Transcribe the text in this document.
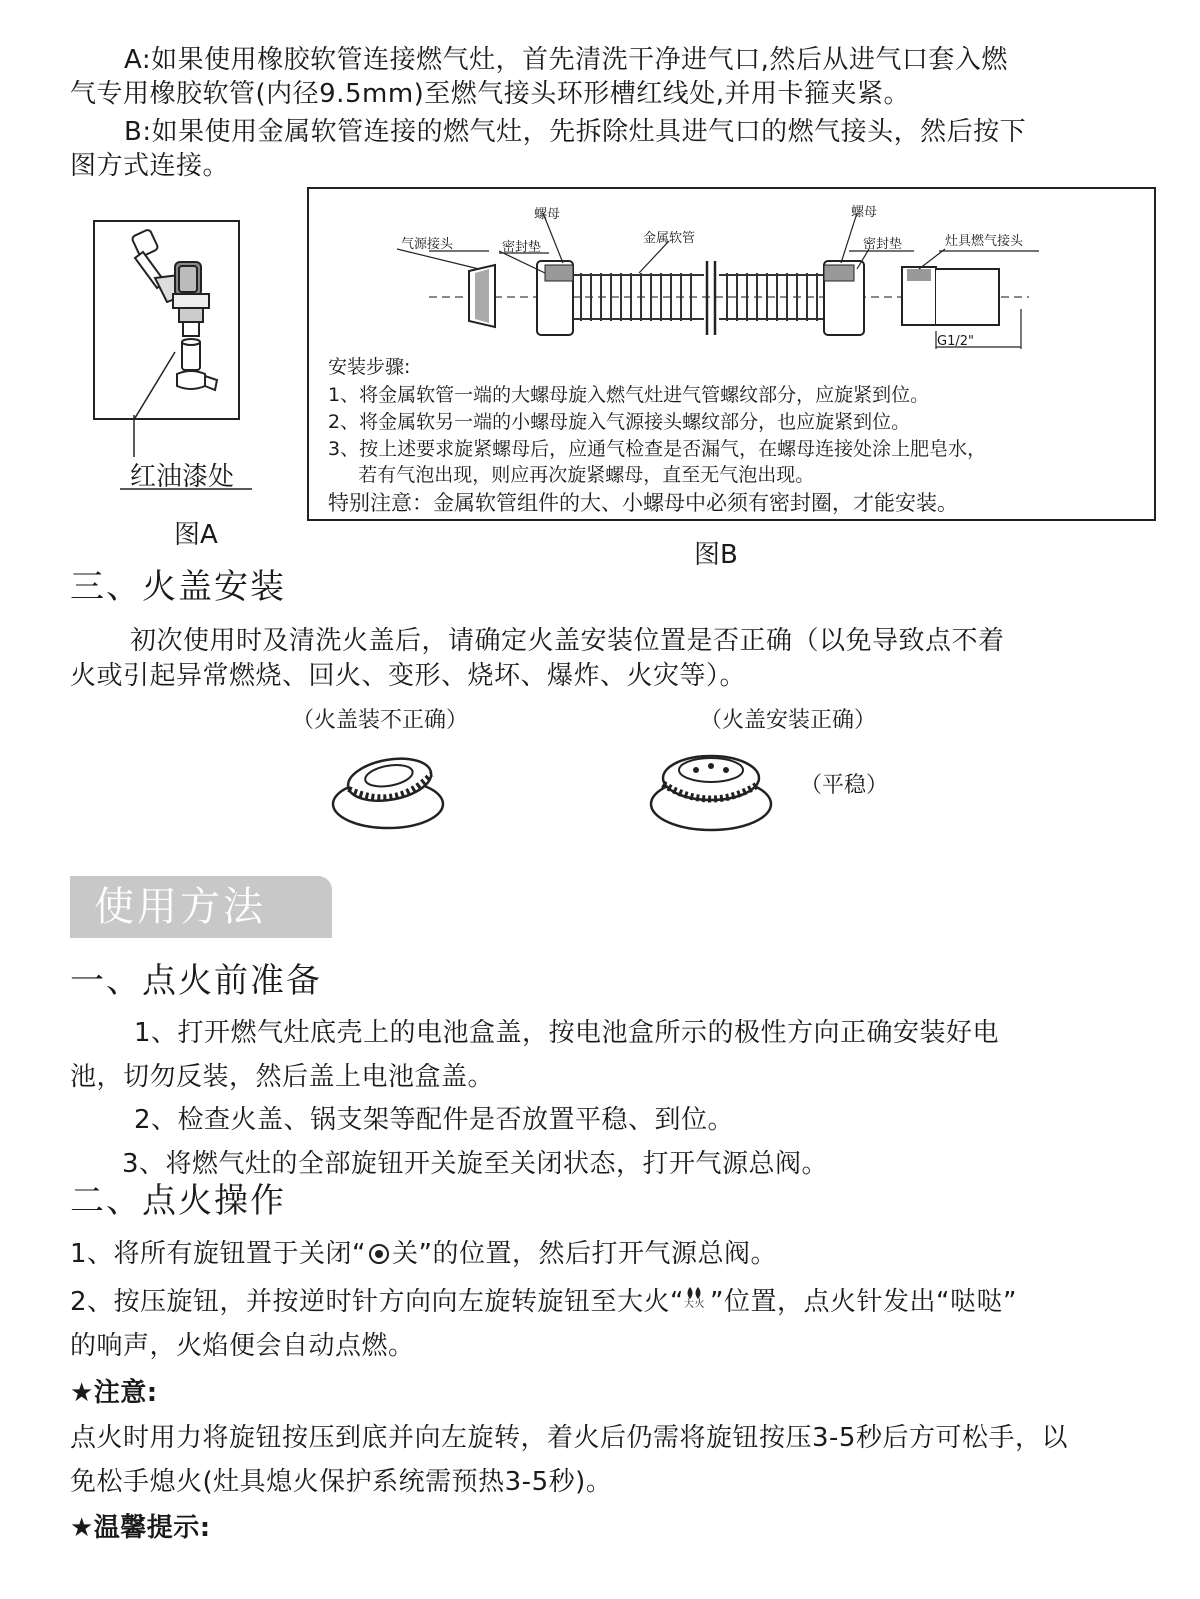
A:如果使用橡胶软管连接燃气灶，首先清洗干净进气口,然后从进气口套入燃
气专用橡胶软管(内径9.5mm)至燃气接头环形槽红线处,并用卡箍夹紧。
B:如果使用金属软管连接的燃气灶，先拆除灶具进气口的燃气接头，然后按下
图方式连接。
红油漆处
图A
螺母	螺母
气源接头	密封垫
金属软管	密封垫	灶具燃气接头
G1/2"
安装步骤:
1、将金属软管一端的大螺母旋入燃气灶进气管螺纹部分，应旋紧到位。
2、将金属软另一端的小螺母旋入气源接头螺纹部分，也应旋紧到位。
3、按上述要求旋紧螺母后，应通气检查是否漏气，在螺母连接处涂上肥皂水，
若有气泡出现，则应再次旋紧螺母，直至无气泡出现。
特别注意：金属软管组件的大、小螺母中必须有密封圈，才能安装。
图B
三、火盖安装
初次使用时及清洗火盖后，请确定火盖安装位置是否正确（以免导致点不着
火或引起异常燃烧、回火、变形、烧坏、爆炸、火灾等）。
（火盖装不正确）	（火盖安装正确）
（平稳）
使用方法
一、点火前准备
1、打开燃气灶底壳上的电池盒盖，按电池盒所示的极性方向正确安装好电
池，切勿反装，然后盖上电池盒盖。
2、检查火盖、锅支架等配件是否放置平稳、到位。
3、将燃气灶的全部旋钮开关旋至关闭状态，打开气源总阀。
二、点火操作
1、将所有旋钮置于关闭“ 关”的位置，然后打开气源总阀。
2、按压旋钮，并按逆时针方向向左旋转旋钮至大火“ 大火 ”位置，点火针发出“哒哒”
的响声，火焰便会自动点燃。
★注意:
点火时用力将旋钮按压到底并向左旋转，着火后仍需将旋钮按压3-5秒后方可松手，以
免松手熄火(灶具熄火保护系统需预热3-5秒)。
★温馨提示:
